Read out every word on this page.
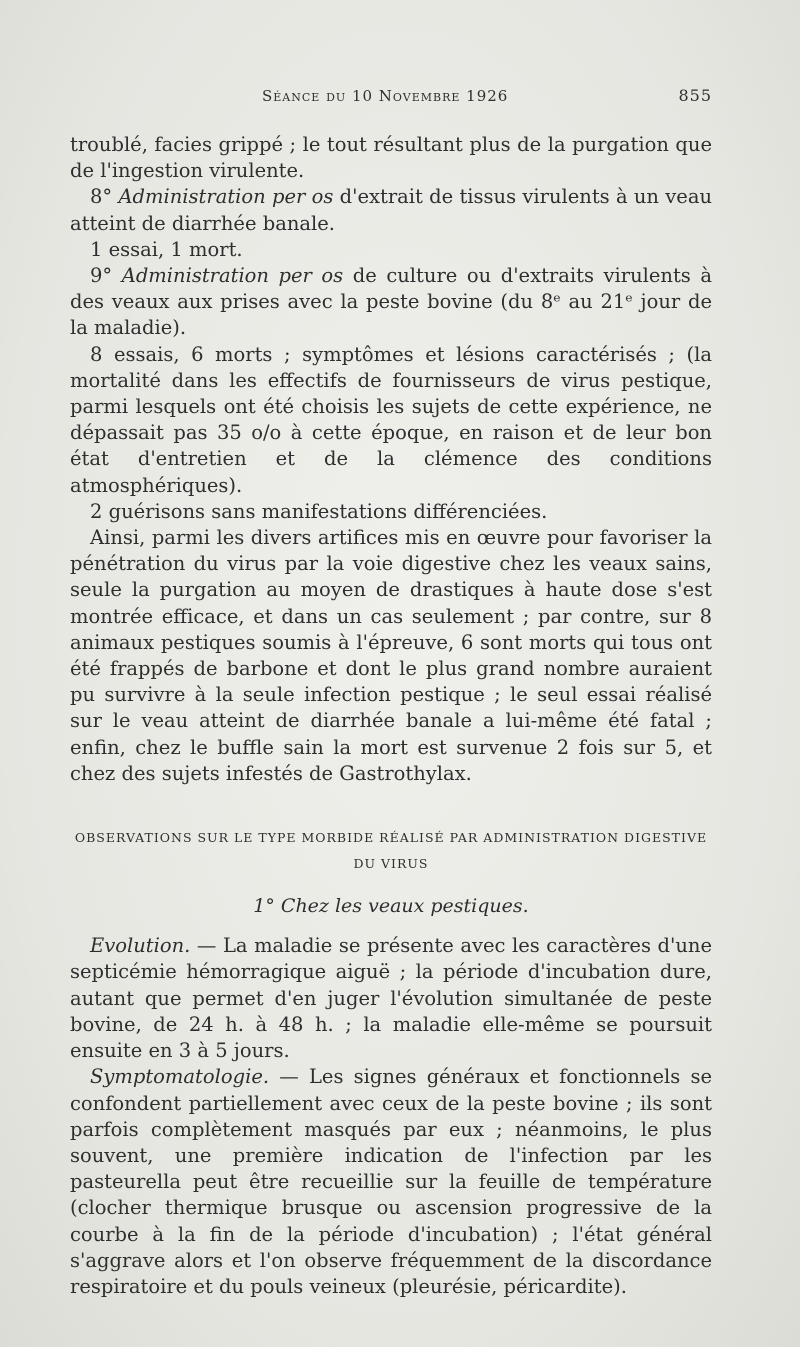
Séance du 10 Novembre 1926	855

troublé, facies grippé ; le tout résultant plus de la purgation que de l'ingestion virulente.

8° Administration per os d'extrait de tissus virulents à un veau atteint de diarrhée banale.

1 essai, 1 mort.

9° Administration per os de culture ou d'extraits virulents à des veaux aux prises avec la peste bovine (du 8ᵉ au 21ᵉ jour de la maladie).

8 essais, 6 morts ; symptômes et lésions caractérisés ; (la mortalité dans les effectifs de fournisseurs de virus pestique, parmi lesquels ont été choisis les sujets de cette expérience, ne dépassait pas 35 o/o à cette époque, en raison et de leur bon état d'entretien et de la clémence des conditions atmosphériques).

2 guérisons sans manifestations différenciées.

Ainsi, parmi les divers artifices mis en œuvre pour favoriser la pénétration du virus par la voie digestive chez les veaux sains, seule la purgation au moyen de drastiques à haute dose s'est montrée efficace, et dans un cas seulement ; par contre, sur 8 animaux pestiques soumis à l'épreuve, 6 sont morts qui tous ont été frappés de barbone et dont le plus grand nombre auraient pu survivre à la seule infection pestique ; le seul essai réalisé sur le veau atteint de diarrhée banale a lui-même été fatal ; enfin, chez le buffle sain la mort est survenue 2 fois sur 5, et chez des sujets infestés de Gastrothylax.

OBSERVATIONS SUR LE TYPE MORBIDE RÉALISÉ PAR ADMINISTRATION DIGESTIVE DU VIRUS

1° Chez les veaux pestiques.

Evolution. — La maladie se présente avec les caractères d'une septicémie hémorragique aiguë ; la période d'incubation dure, autant que permet d'en juger l'évolution simultanée de peste bovine, de 24 h. à 48 h. ; la maladie elle-même se poursuit ensuite en 3 à 5 jours.

Symptomatologie. — Les signes généraux et fonctionnels se confondent partiellement avec ceux de la peste bovine ; ils sont parfois complètement masqués par eux ; néanmoins, le plus souvent, une première indication de l'infection par les pasteurella peut être recueillie sur la feuille de température (clocher thermique brusque ou ascension progressive de la courbe à la fin de la période d'incubation) ; l'état général s'aggrave alors et l'on observe fréquemment de la discordance respiratoire et du pouls veineux (pleurésie, péricardite).
